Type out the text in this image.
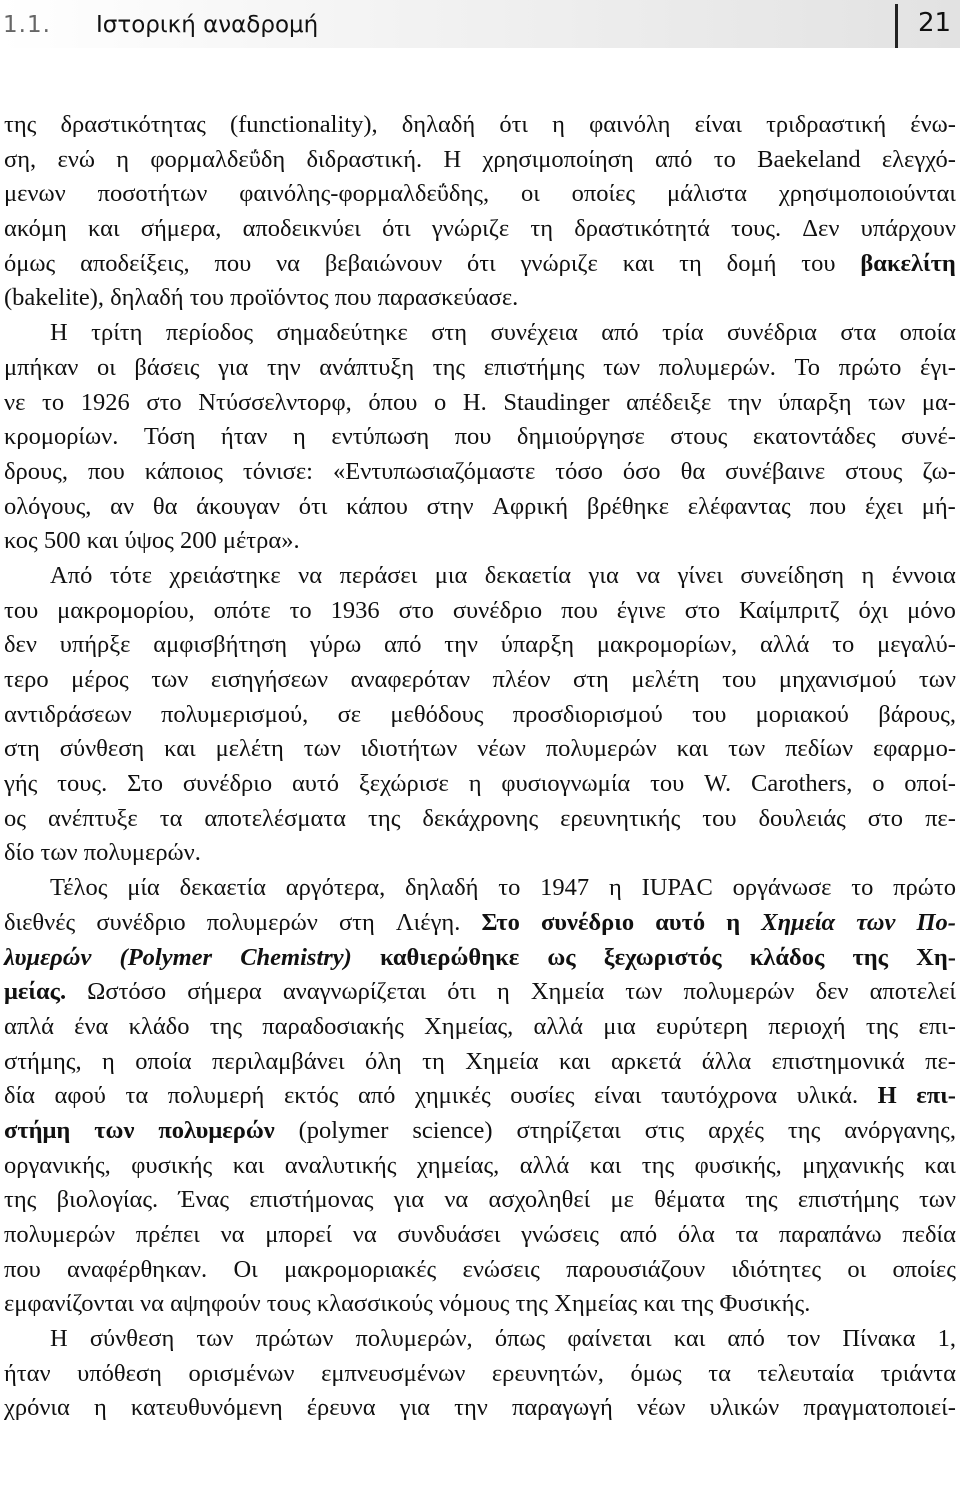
1.1. Ιστορική αναδρομή	21
της δραστικότητας (functionality), δηλαδή ότι η φαινόλη είναι τριδραστική ένω-
ση, ενώ η φορμαλδεΰδη διδραστική. Η χρησιμοποίηση από το Baekeland ελεγχό-
μενων ποσοτήτων φαινόλης-φορμαλδεΰδης, οι οποίες μάλιστα χρησιμοποιούνται
ακόμη και σήμερα, αποδεικνύει ότι γνώριζε τη δραστικότητά τους. Δεν υπάρχουν
όμως αποδείξεις, που να βεβαιώνουν ότι γνώριζε και τη δομή του βακελίτη
(bakelite), δηλαδή του προϊόντος που παρασκεύασε.
Η τρίτη περίοδος σημαδεύτηκε στη συνέχεια από τρία συνέδρια στα οποία
μπήκαν οι βάσεις για την ανάπτυξη της επιστήμης των πολυμερών. Το πρώτο έγι-
νε το 1926 στο Ντύσσελντορφ, όπου ο H. Staudinger απέδειξε την ύπαρξη των μα-
κρομορίων. Τόση ήταν η εντύπωση που δημιούργησε στους εκατοντάδες συνέ-
δρους, που κάποιος τόνισε: «Εντυπωσιαζόμαστε τόσο όσο θα συνέβαινε στους ζω-
ολόγους, αν θα άκουγαν ότι κάπου στην Αφρική βρέθηκε ελέφαντας που έχει μή-
κος 500 και ύψος 200 μέτρα».
Από τότε χρειάστηκε να περάσει μια δεκαετία για να γίνει συνείδηση η έννοια
του μακρομορίου, οπότε το 1936 στο συνέδριο που έγινε στο Καίμπριτζ όχι μόνο
δεν υπήρξε αμφισβήτηση γύρω από την ύπαρξη μακρομορίων, αλλά το μεγαλύ-
τερο μέρος των εισηγήσεων αναφερόταν πλέον στη μελέτη του μηχανισμού των
αντιδράσεων πολυμερισμού, σε μεθόδους προσδιορισμού του μοριακού βάρους,
στη σύνθεση και μελέτη των ιδιοτήτων νέων πολυμερών και των πεδίων εφαρμο-
γής τους. Στο συνέδριο αυτό ξεχώρισε η φυσιογνωμία του W. Carothers, ο οποί-
ος ανέπτυξε τα αποτελέσματα της δεκάχρονης ερευνητικής του δουλειάς στο πε-
δίο των πολυμερών.
Τέλος μία δεκαετία αργότερα, δηλαδή το 1947 η IUPAC οργάνωσε το πρώτο
διεθνές συνέδριο πολυμερών στη Λιέγη. Στο συνέδριο αυτό η Χημεία των Πο-
λυμερών (Polymer Chemistry) καθιερώθηκε ως ξεχωριστός κλάδος της Χη-
μείας. Ωστόσο σήμερα αναγνωρίζεται ότι η Χημεία των πολυμερών δεν αποτελεί
απλά ένα κλάδο της παραδοσιακής Χημείας, αλλά μια ευρύτερη περιοχή της επι-
στήμης, η οποία περιλαμβάνει όλη τη Χημεία και αρκετά άλλα επιστημονικά πε-
δία αφού τα πολυμερή εκτός από χημικές ουσίες είναι ταυτόχρονα υλικά. Η επι-
στήμη των πολυμερών (polymer science) στηρίζεται στις αρχές της ανόργανης,
οργανικής, φυσικής και αναλυτικής χημείας, αλλά και της φυσικής, μηχανικής και
της βιολογίας. Ένας επιστήμονας για να ασχοληθεί με θέματα της επιστήμης των
πολυμερών πρέπει να μπορεί να συνδυάσει γνώσεις από όλα τα παραπάνω πεδία
που αναφέρθηκαν. Οι μακρομοριακές ενώσεις παρουσιάζουν ιδιότητες οι οποίες
εμφανίζονται να αψηφούν τους κλασσικούς νόμους της Χημείας και της Φυσικής.
Η σύνθεση των πρώτων πολυμερών, όπως φαίνεται και από τον Πίνακα 1,
ήταν υπόθεση ορισμένων εμπνευσμένων ερευνητών, όμως τα τελευταία τριάντα
χρόνια η κατευθυνόμενη έρευνα για την παραγωγή νέων υλικών πραγματοποιεί-
